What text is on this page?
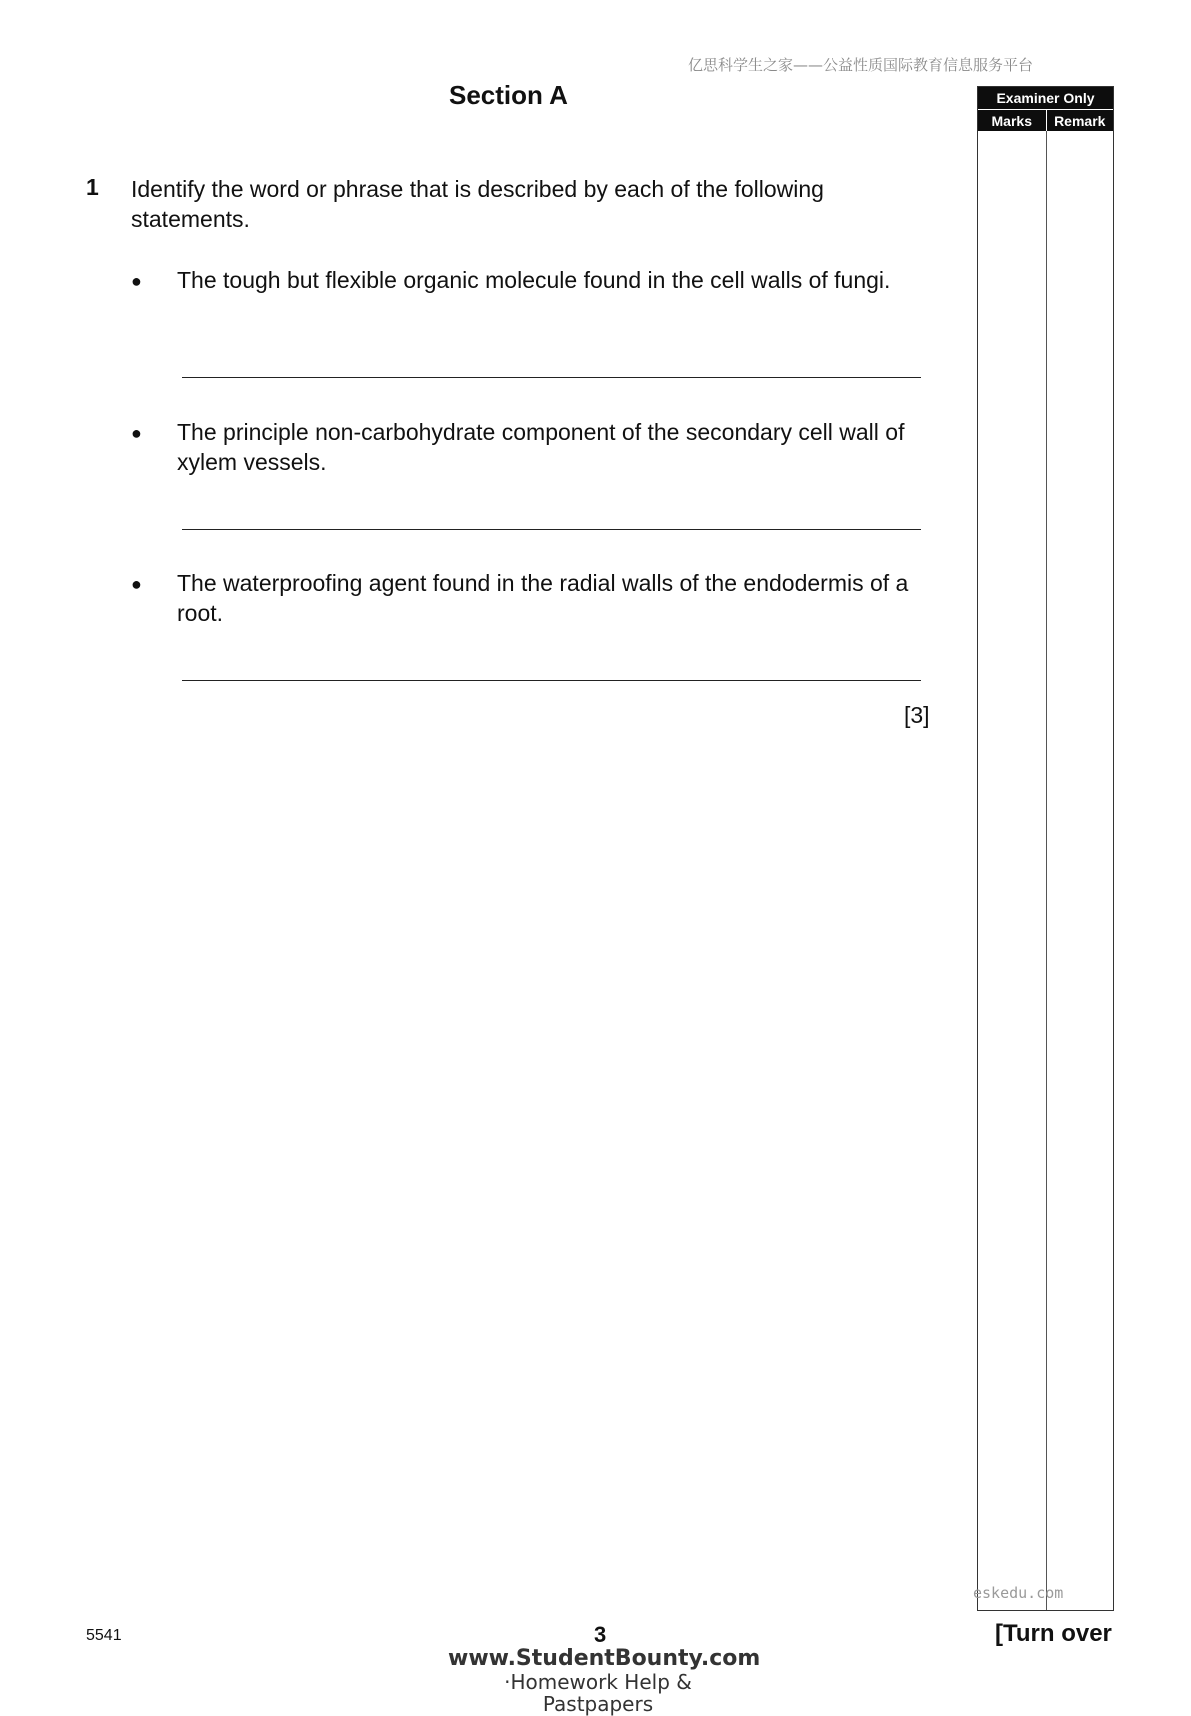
亿思科学生之家——公益性质国际教育信息服务平台
Section A	Examiner Only
Marks	Remark
1 Identify the word or phrase that is described by each of the following statements.
● The tough but flexible organic molecule found in the cell walls of fungi.
● The principle non-carbohydrate component of the secondary cell wall of xylem vessels.
● The waterproofing agent found in the radial walls of the endodermis of a root.
[3]
eskedu.com
5541	3	[Turn over
www.StudentBounty.com
·Homework Help & Pastpapers
